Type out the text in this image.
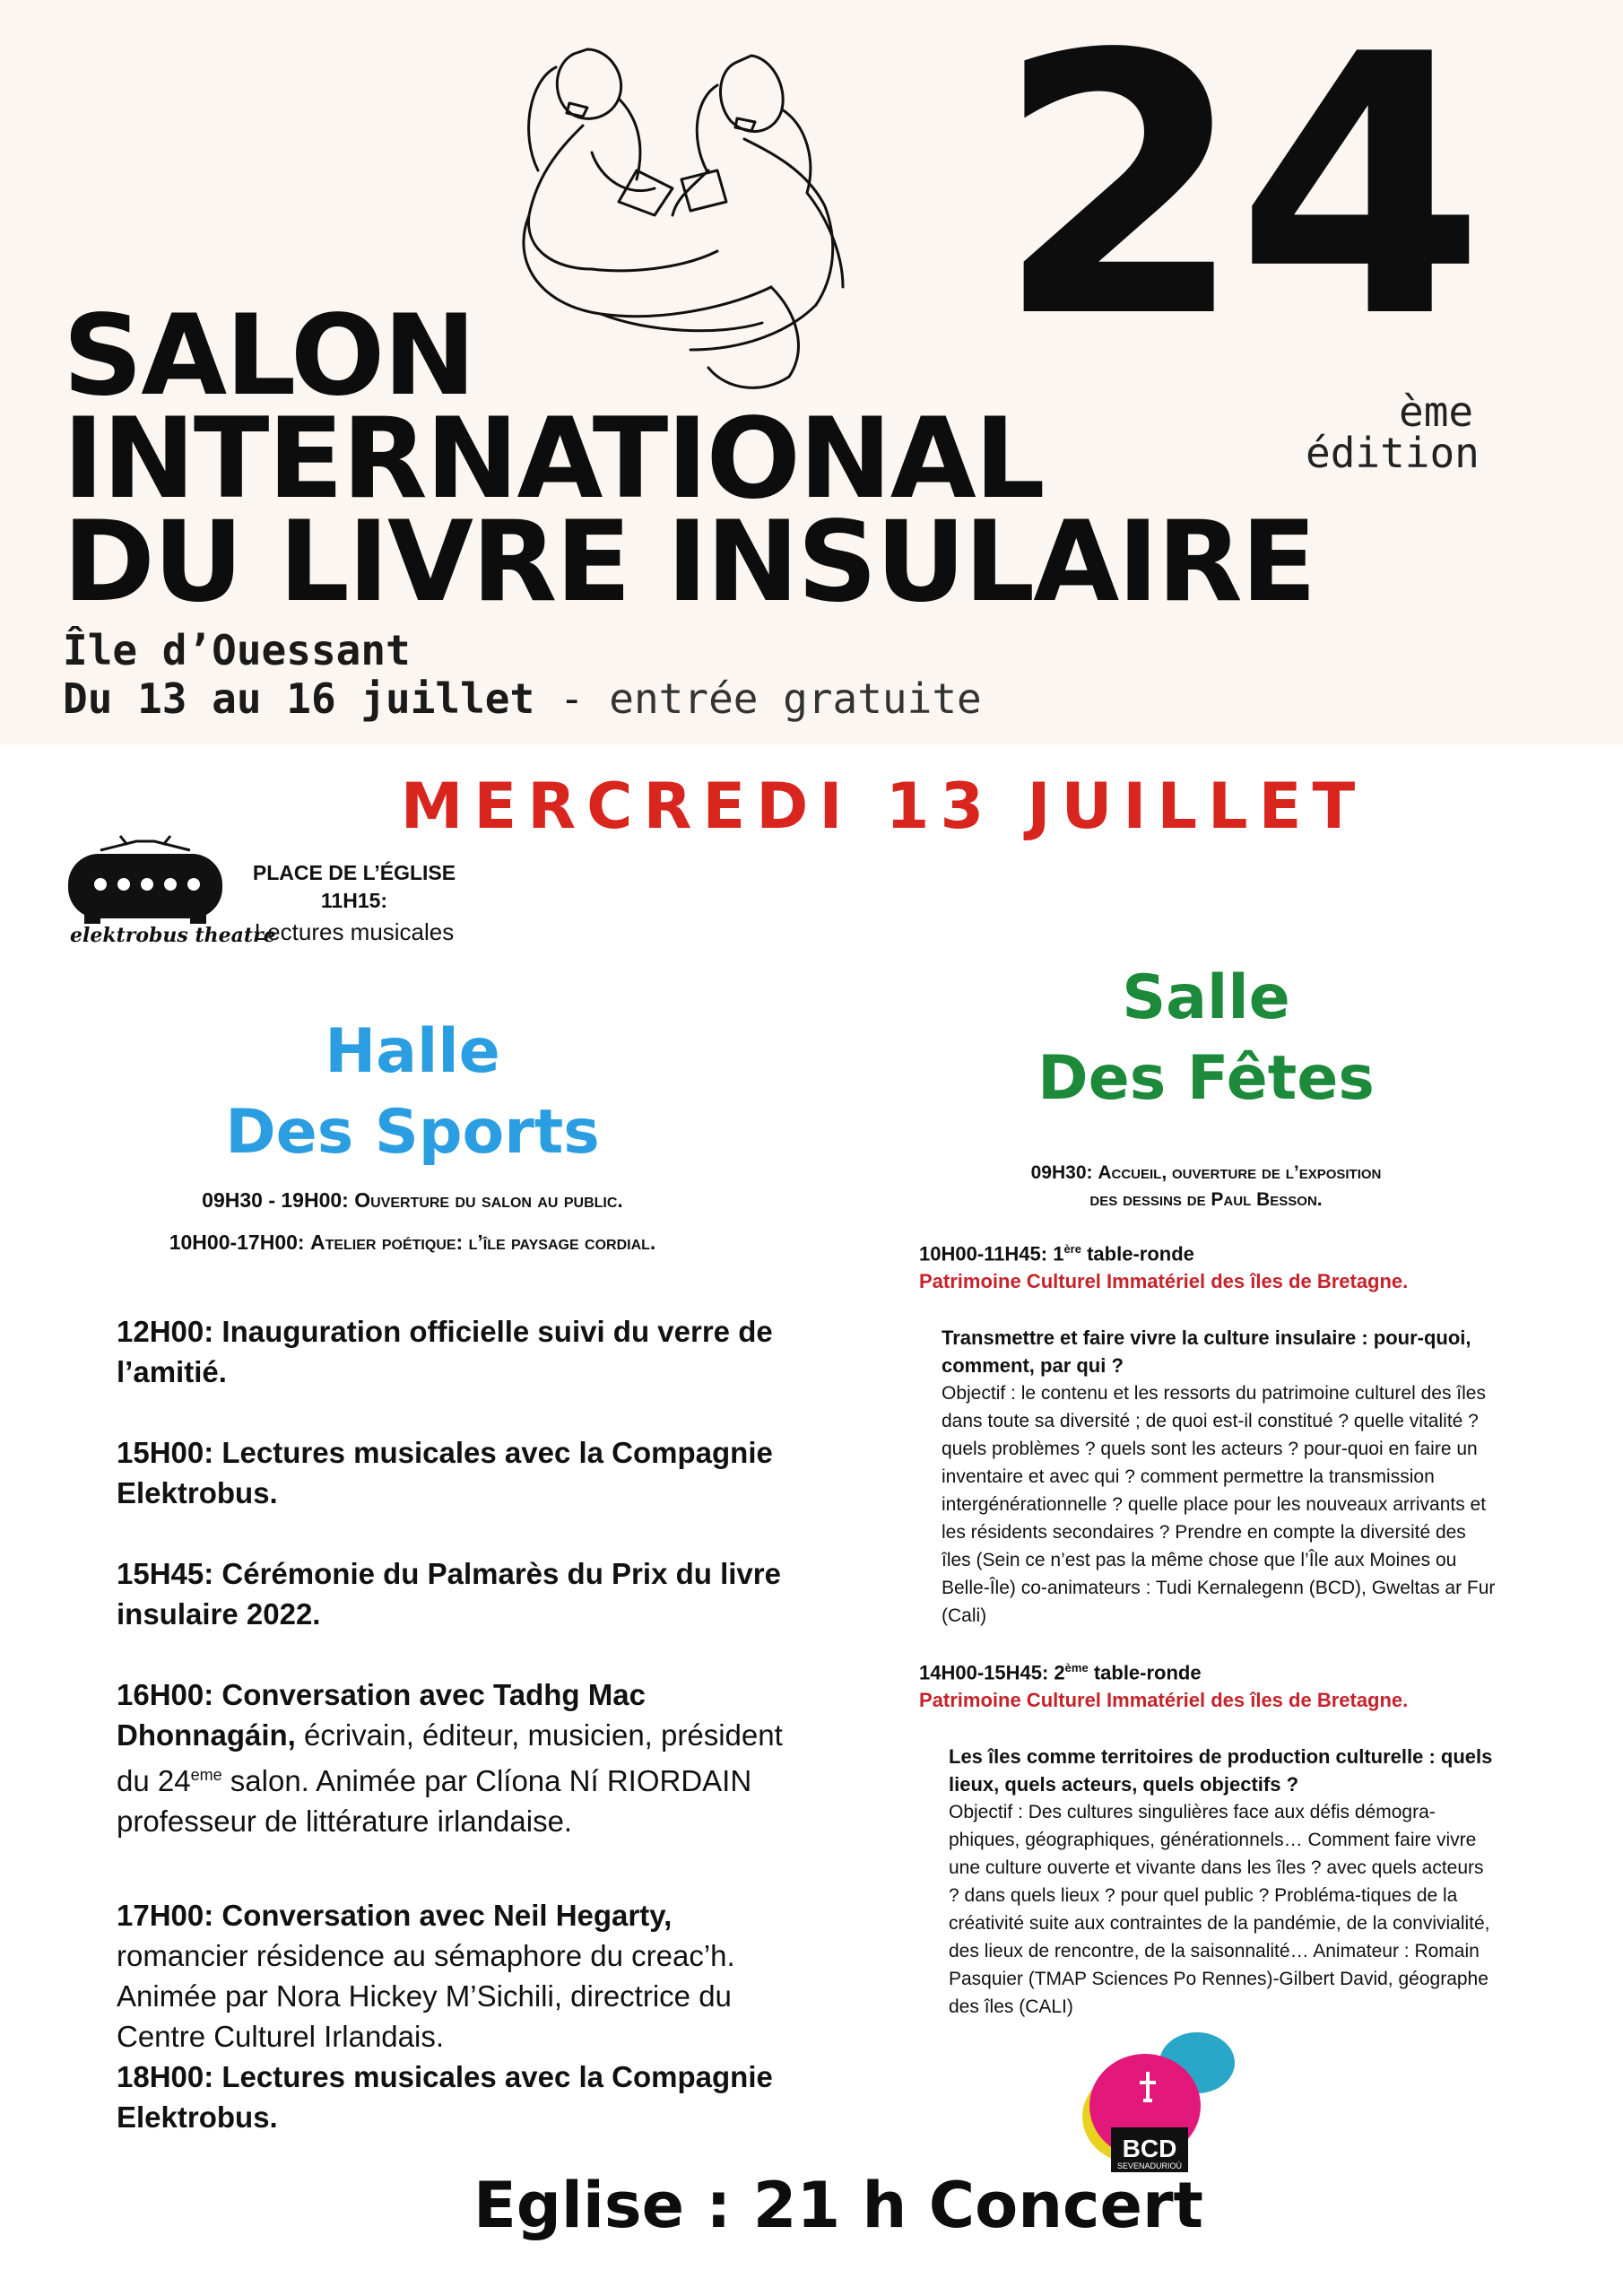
24
ème
édition
SALON
INTERNATIONAL
DU LIVRE INSULAIRE
Île d’Ouessant
Du 13 au 16 juillet - entrée gratuite
MERCREDI 13 JUILLET
elektrobus theatre
PLACE DE L’ÉGLISE
11H15:
Lectures musicales
Halle
Des Sports
Salle
Des Fêtes
09H30 - 19H00: Ouverture du salon au public.
10H00-17H00: Atelier poétique: l’île paysage cordial.
12H00: Inauguration officielle suivi du verre de l’amitié.
15H00: Lectures musicales avec la Compagnie Elektrobus.
15H45: Cérémonie du Palmarès du Prix du livre insulaire 2022.
16H00: Conversation avec Tadhg Mac Dhonnagáin, écrivain, éditeur, musicien, président du 24eme salon. Animée par Clíona Ní RIORDAIN professeur de littérature irlandaise.
17H00: Conversation avec Neil Hegarty, romancier résidence au sémaphore du creac’h. Animée par Nora Hickey M’Sichili, directrice du Centre Culturel Irlandais.
18H00: Lectures musicales avec la Compagnie Elektrobus.
09H30: Accueil, ouverture de l’exposition
des dessins de Paul Besson.
10H00-11H45: 1ère table-ronde
Patrimoine Culturel Immatériel des îles de Bretagne.
Transmettre et faire vivre la culture insulaire : pour-quoi, comment, par qui ?
Objectif : le contenu et les ressorts du patrimoine culturel des îles dans toute sa diversité ; de quoi est-il constitué ? quelle vitalité ? quels problèmes ? quels sont les acteurs ? pour-quoi en faire un inventaire et avec qui ? comment permettre la transmission intergénérationnelle ? quelle place pour les nouveaux arrivants et les résidents secondaires ? Prendre en compte la diversité des îles (Sein ce n’est pas la même chose que l’Île aux Moines ou Belle-Île) co-animateurs : Tudi Kernalegenn (BCD), Gweltas ar Fur (Cali)
14H00-15H45: 2ème table-ronde
Patrimoine Culturel Immatériel des îles de Bretagne.
Les îles comme territoires de production culturelle : quels lieux, quels acteurs, quels objectifs ?
Objectif : Des cultures singulières face aux défis démogra-phiques, géographiques, générationnels… Comment faire vivre une culture ouverte et vivante dans les îles ? avec quels acteurs ? dans quels lieux ? pour quel public ? Probléma-tiques de la créativité suite aux contraintes de la pandémie, de la convivialité, des lieux de rencontre, de la saisonnalité… Animateur : Romain Pasquier (TMAP Sciences Po Rennes)-Gilbert David, géographe des îles (CALI)
BCD
SEVENADURIOÙ
Eglise : 21 h Concert
